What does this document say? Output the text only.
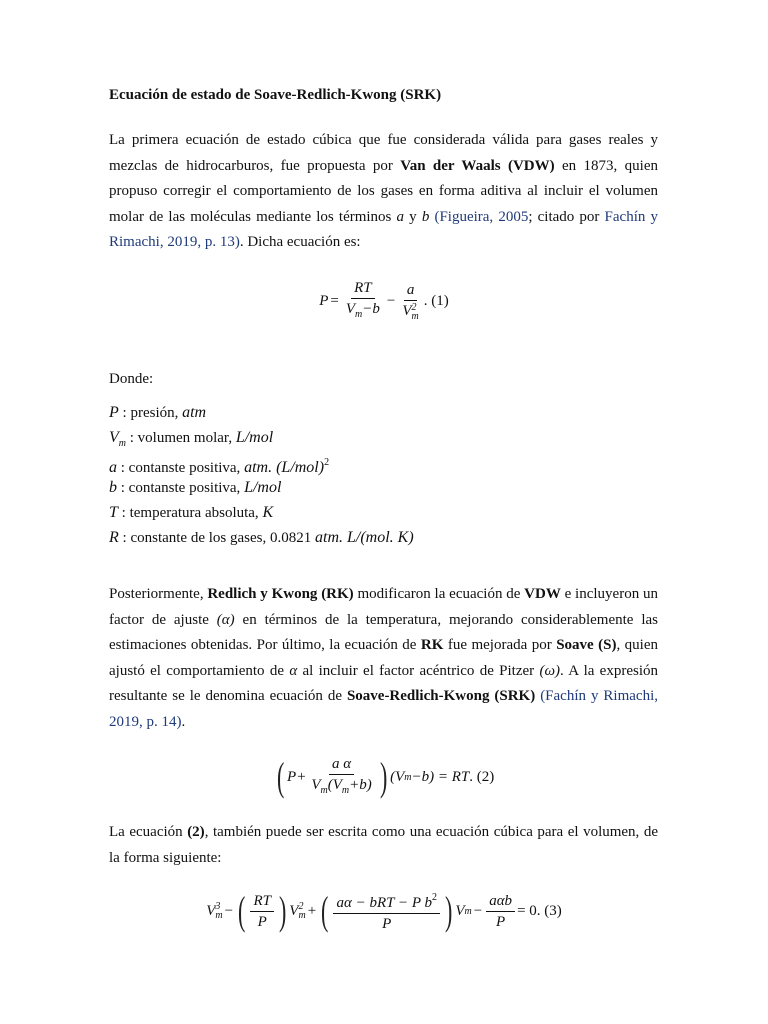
Ecuación de estado de Soave-Redlich-Kwong (SRK)

La primera ecuación de estado cúbica que fue considerada válida para gases reales y mezclas de hidrocarburos, fue propuesta por Van der Waals (VDW) en 1873, quien propuso corregir el comportamiento de los gases en forma aditiva al incluir el volumen molar de las moléculas mediante los términos a y b (Figueira, 2005; citado por Fachín y Rimachi, 2019, p. 13). Dicha ecuación es:

$P = \frac{RT}{V_m-b} - a$
V 2
m . (1)

Donde:

P : presión, atm
$V_m$ : volumen molar, L/mol
a : contanste positiva, atm. $(L/mol)^2$
b : contanste positiva, L/mol
T : temperatura absoluta, K
R : constante de los gases, 0.0821 atm. L/(mol. K)

Posteriormente, Redlich y Kwong (RK) modificaron la ecuación de VDW e incluyeron un factor de ajuste (α) en términos de la temperatura, mejorando considerablemente las estimaciones obtenidas. Por último, la ecuación de RK fue mejorada por Soave (S), quien ajustó el comportamiento de α al incluir el factor acéntrico de Pitzer (ω). A la expresión resultante se le denomina ecuación de Soave-Redlich-Kwong (SRK) (Fachín y Rimachi, 2019, p. 14).

( $P+ \frac{\text{a α}}{V_m(V_m+b)}$ ) (V m −b) = RT . (2)

La ecuación (2), también puede ser escrita como una ecuación cúbica para el volumen, de la forma siguiente:

V 3
m − ( $\frac{RT}{P}$ ) V 2
m + ( $\frac{a\alpha - bRT - P b^2}{P}$ ) V $m - \frac{\text{aαb}}{P} = 0$. (3)
